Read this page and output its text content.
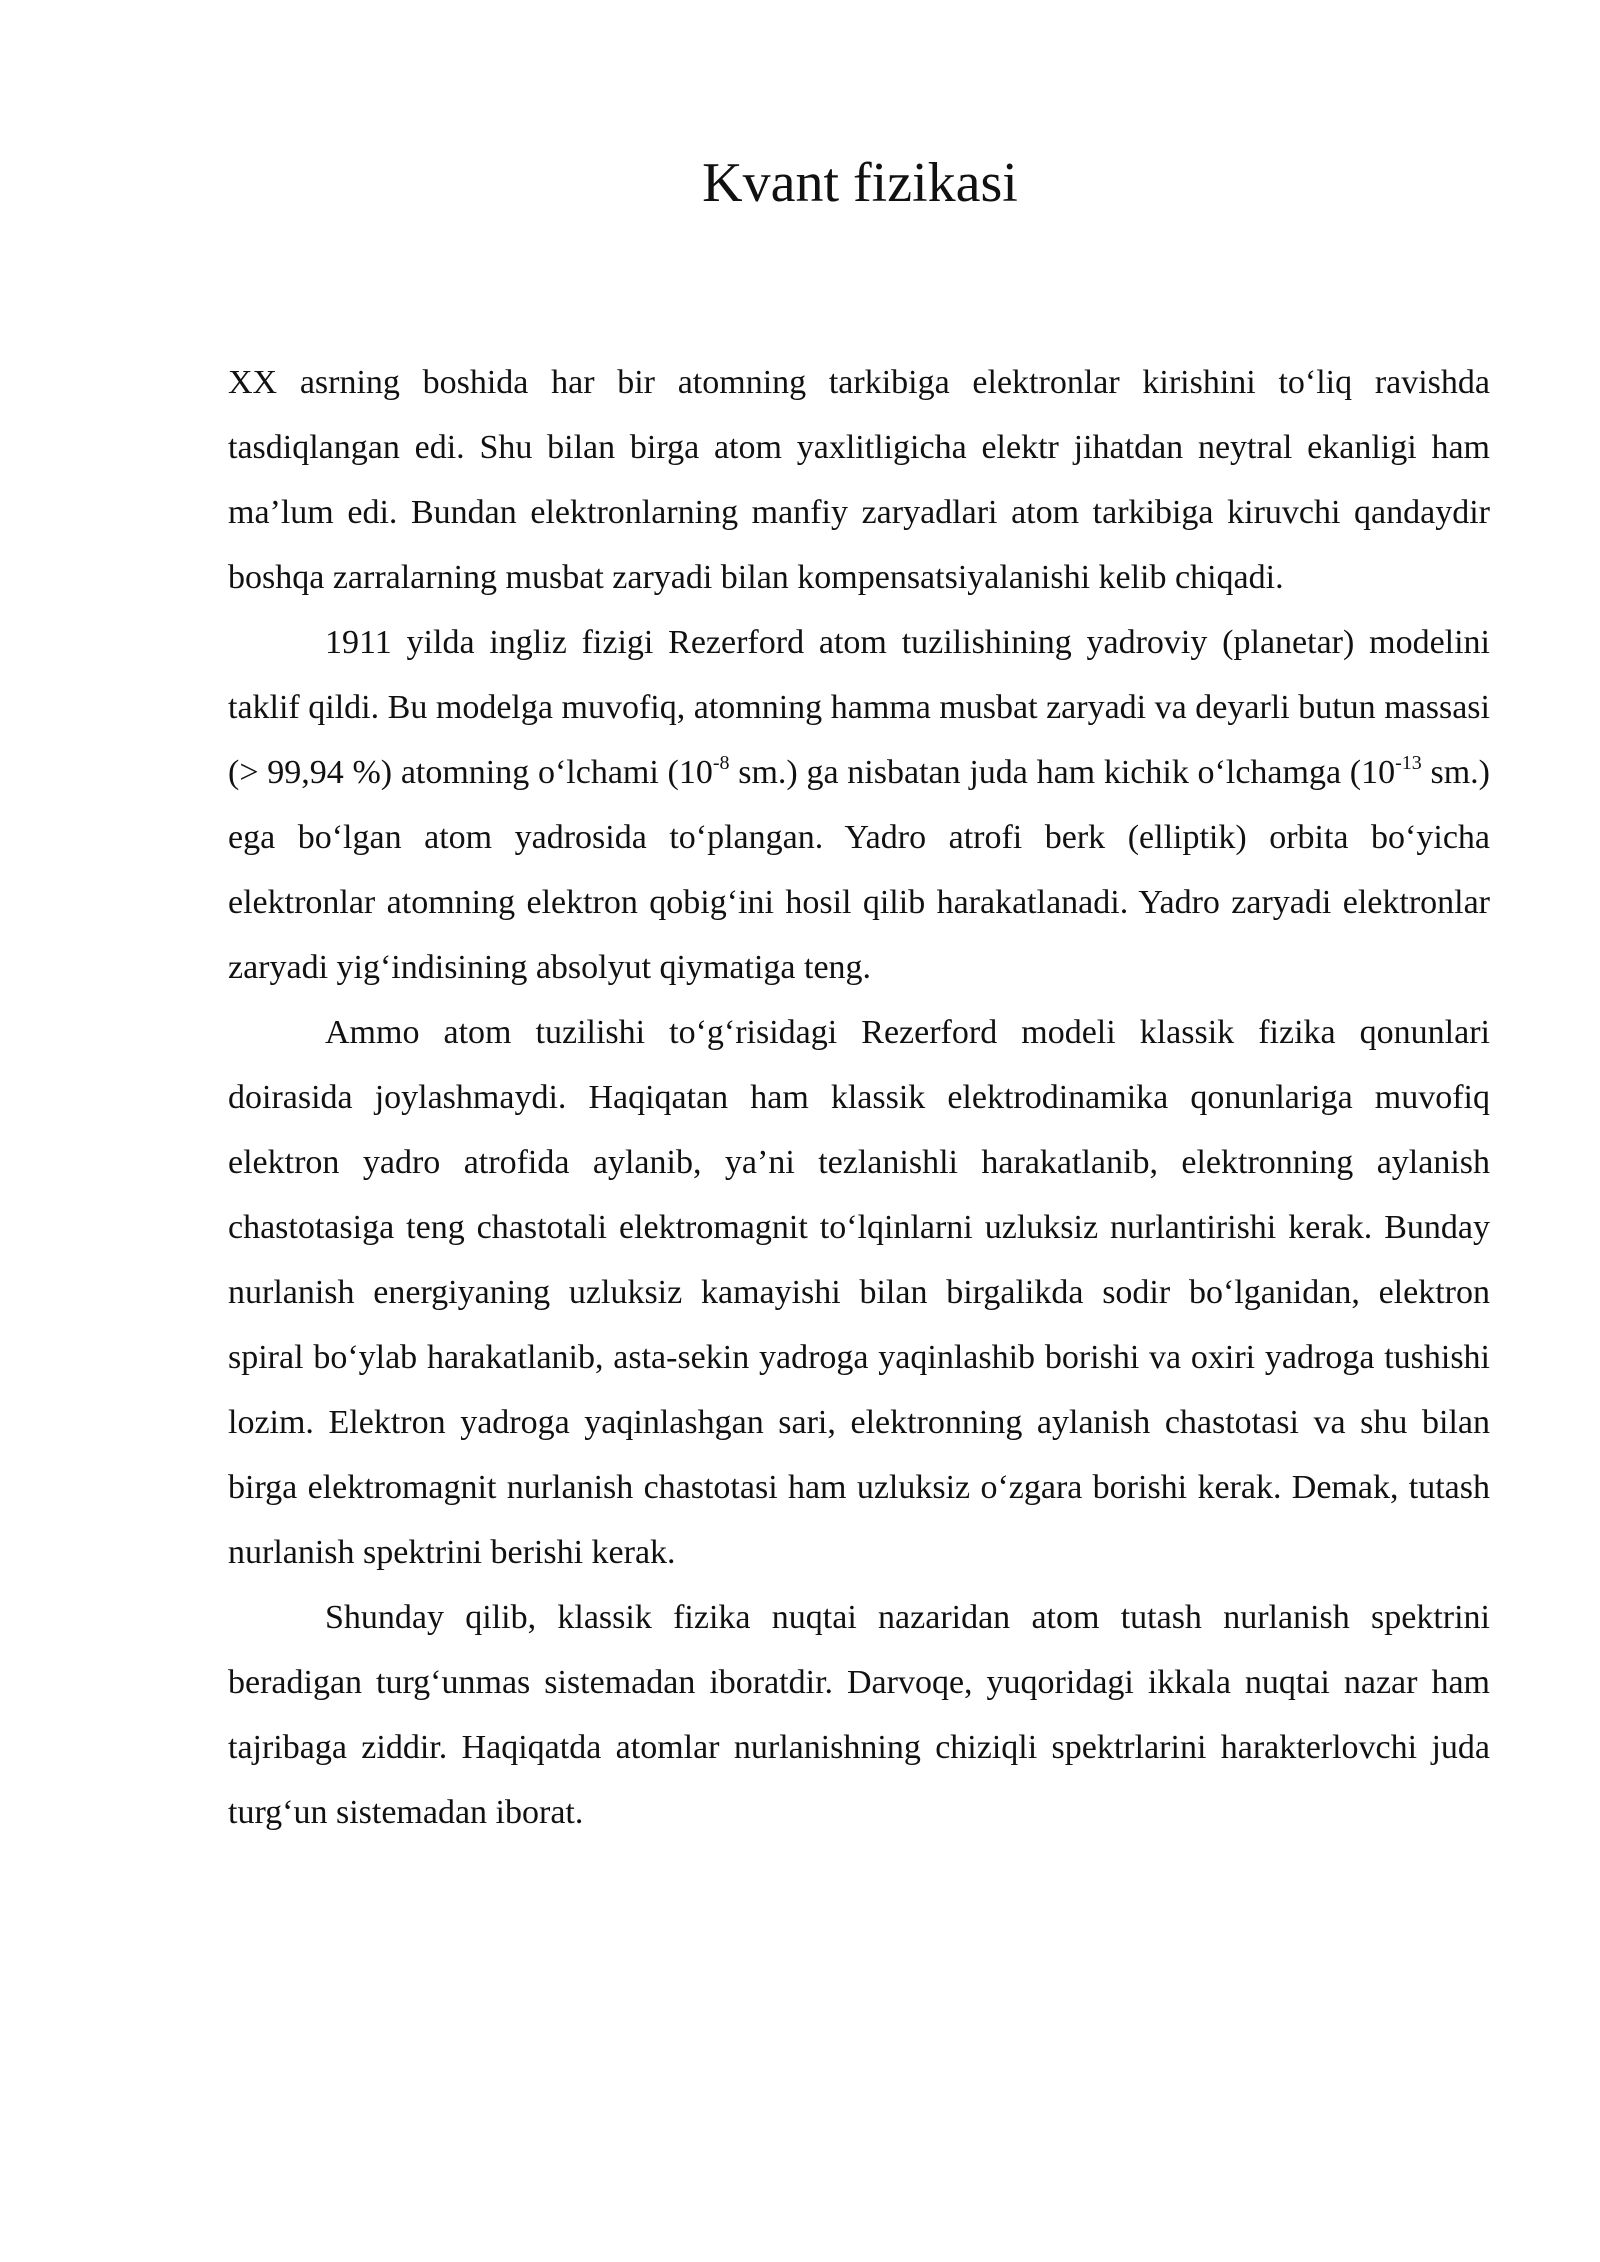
Kvant fizikasi

XX asrning boshida har bir atomning tarkibiga elektronlar kirishini to‘liq ravishda tasdiqlangan edi. Shu bilan birga atom yaxlitligicha elektr jihatdan neytral ekanligi ham ma’lum edi. Bundan elektronlarning manfiy zaryadlari atom tarkibiga kiruvchi qandaydir boshqa zarralarning musbat zaryadi bilan kompensatsiyalanishi kelib chiqadi.

1911 yilda ingliz fizigi Rezerford atom tuzilishining yadroviy (planetar) modelini taklif qildi. Bu modelga muvofiq, atomning hamma musbat zaryadi va deyarli butun massasi (> 99,94 %) atomning o‘lchami ($10^{-8}$ sm.) ga nisbatan juda ham kichik o‘lchamga ($10^{-13}$ sm.) ega bo‘lgan atom yadrosida to‘plangan. Yadro atrofi berk (elliptik) orbita bo‘yicha elektronlar atomning elektron qobig‘ini hosil qilib harakatlanadi. Yadro zaryadi elektronlar zaryadi yig‘indisining absolyut qiymatiga teng.

Ammo atom tuzilishi to‘g‘risidagi Rezerford modeli klassik fizika qonunlari doirasida joylashmaydi. Haqiqatan ham klassik elektrodinamika qonunlariga muvofiq elektron yadro atrofida aylanib, ya’ni tezlanishli harakatlanib, elektronning aylanish chastotasiga teng chastotali elektromagnit to‘lqinlarni uzluksiz nurlantirishi kerak. Bunday nurlanish energiyaning uzluksiz kamayishi bilan birgalikda sodir bo‘lganidan, elektron spiral bo‘ylab harakatlanib, asta-sekin yadroga yaqinlashib borishi va oxiri yadroga tushishi lozim. Elektron yadroga yaqinlashgan sari, elektronning aylanish chastotasi va shu bilan birga elektromagnit nurlanish chastotasi ham uzluksiz o‘zgara borishi kerak. Demak, tutash nurlanish spektrini berishi kerak.

Shunday qilib, klassik fizika nuqtai nazaridan atom tutash nurlanish spektrini beradigan turg‘unmas sistemadan iboratdir. Darvoqe, yuqoridagi ikkala nuqtai nazar ham tajribaga ziddir. Haqiqatda atomlar nurlanishning chiziqli spektrlarini harakterlovchi juda turg‘un sistemadan iborat.
